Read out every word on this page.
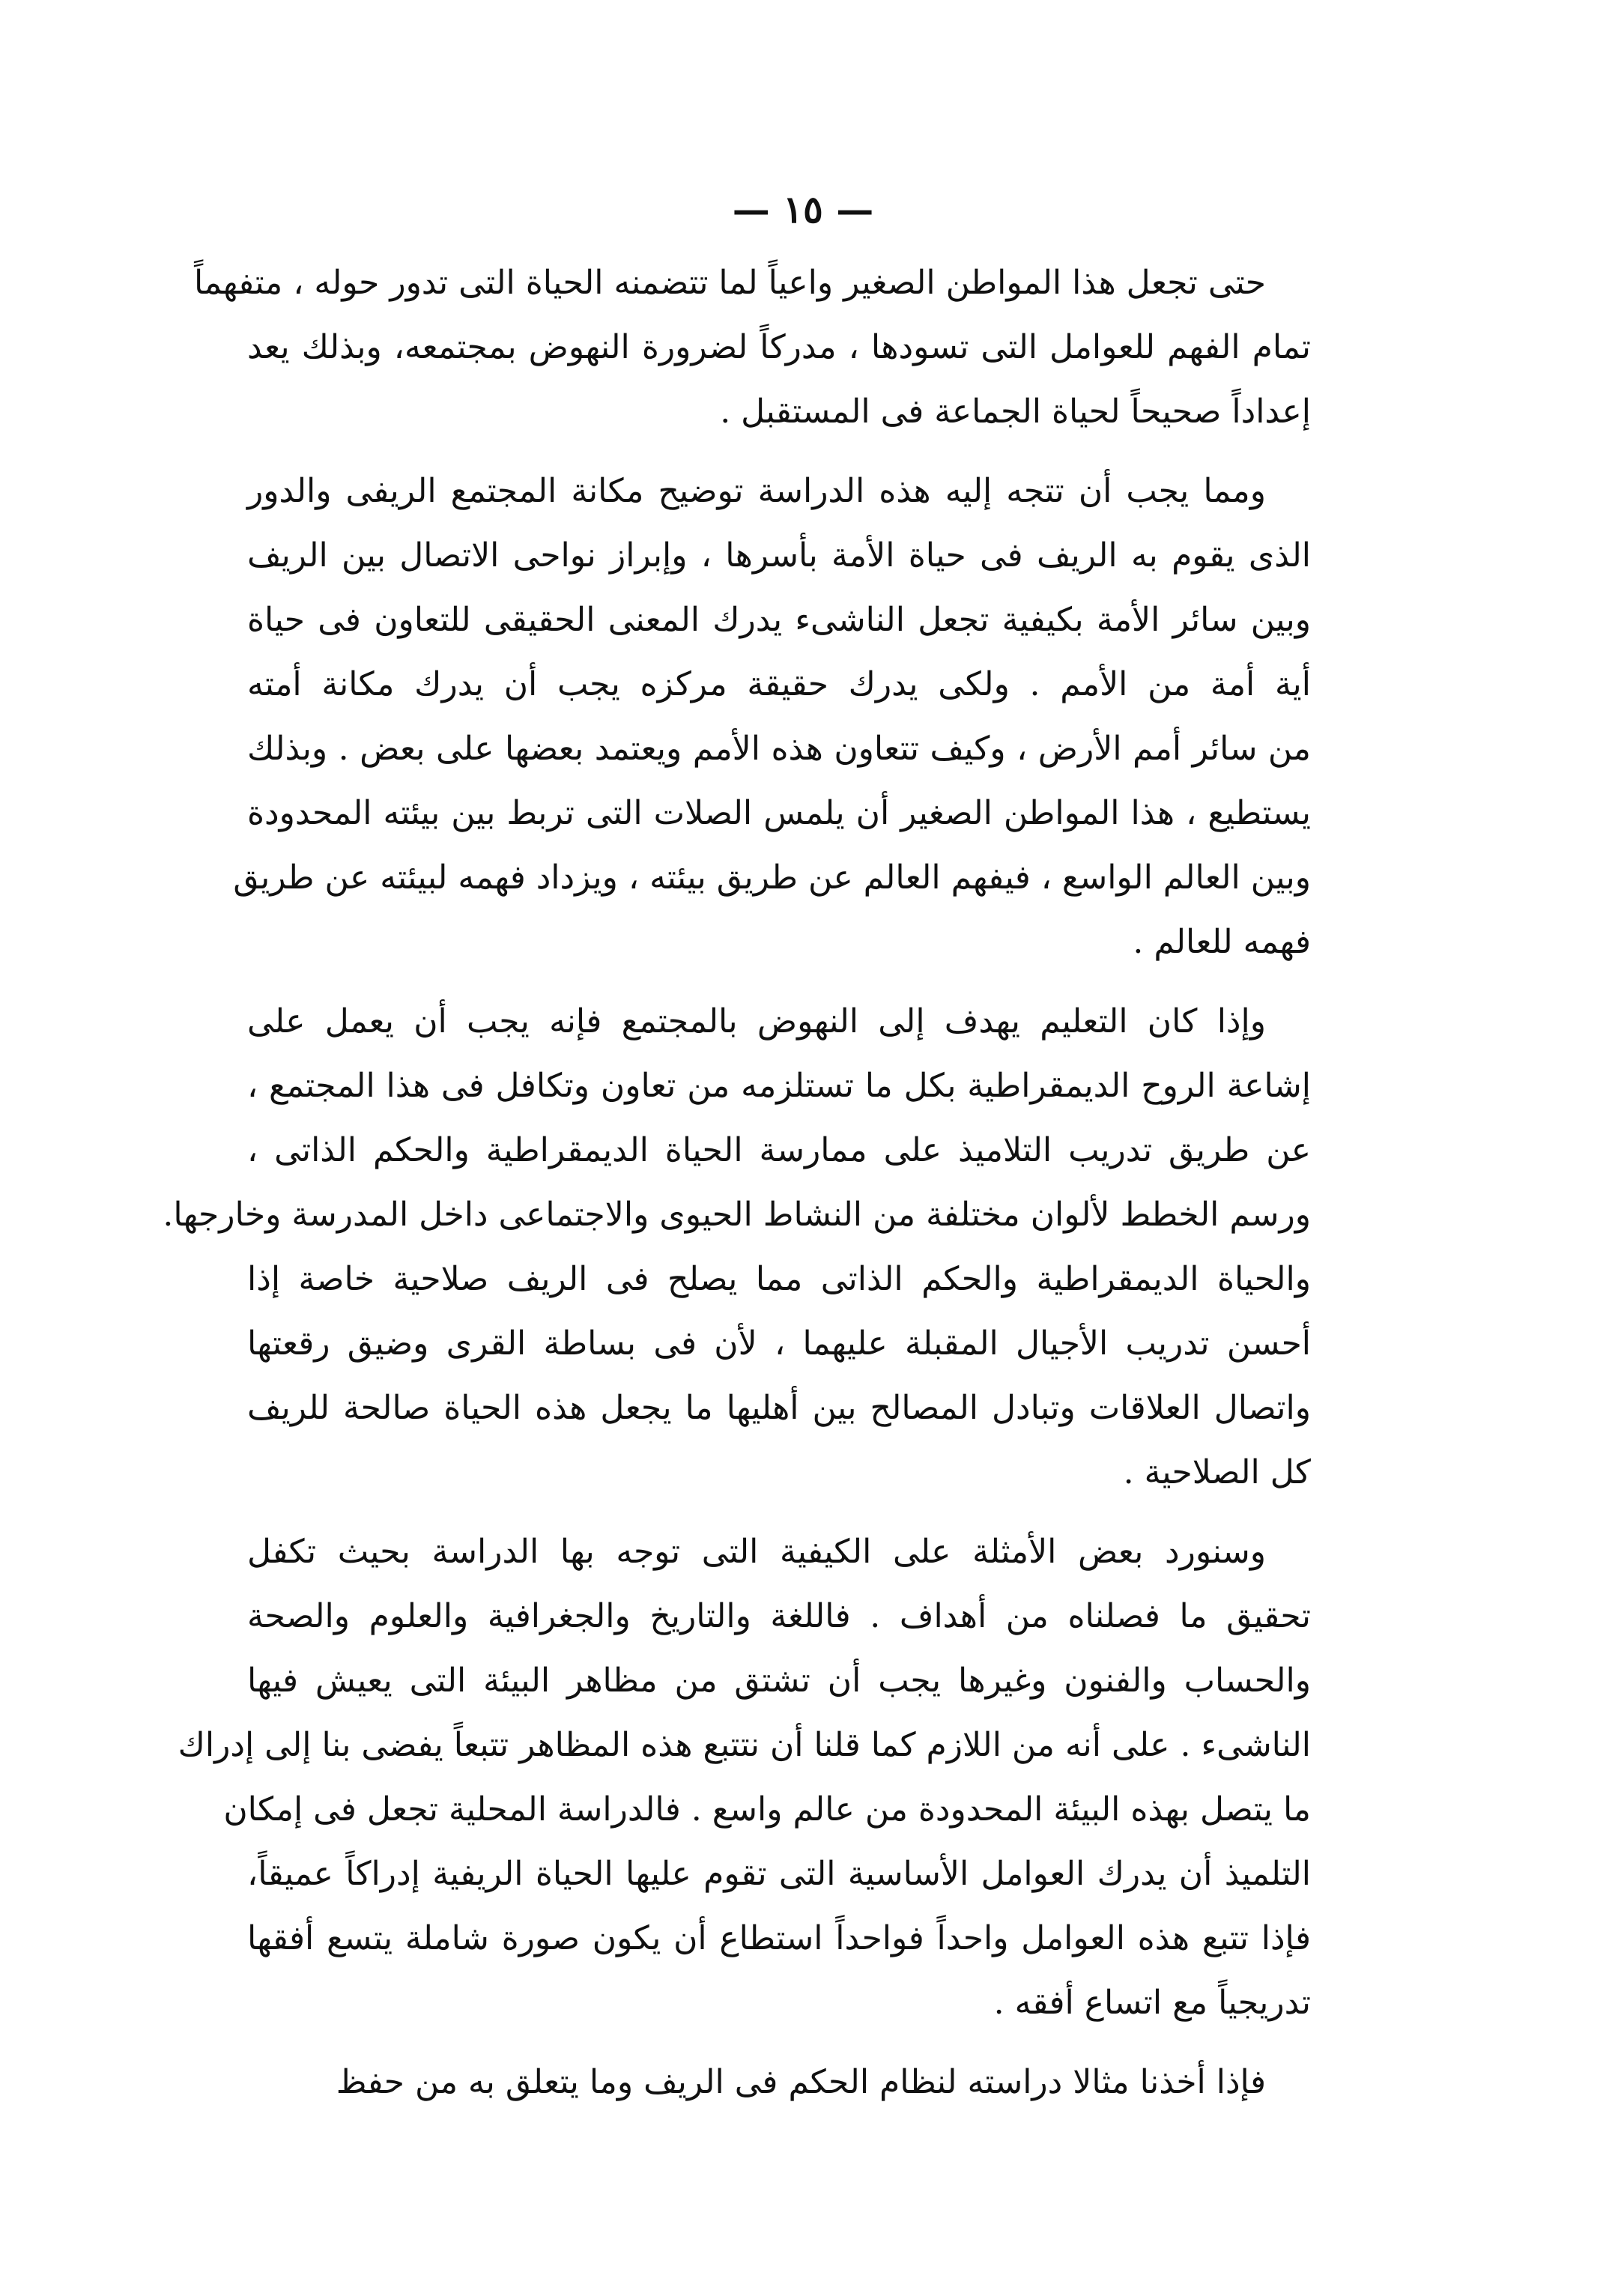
— ١٥ —
حتى تجعل هذا المواطن الصغير واعياً لما تتضمنه الحياة التى تدور حوله ، متفهماً
تمام الفهم للعوامل التى تسودها ، مدركاً لضرورة النهوض بمجتمعه، وبذلك يعد
إعداداً صحيحاً لحياة الجماعة فى المستقبل .
ومما يجب أن تتجه إليه هذه الدراسة توضيح مكانة المجتمع الريفى والدور
الذى يقوم به الريف فى حياة الأمة بأسرها ، وإبراز نواحى الاتصال بين الريف
وبين سائر الأمة بكيفية تجعل الناشىء يدرك المعنى الحقيقى للتعاون فى حياة
أية أمة من الأمم . ولكى يدرك حقيقة مركزه يجب أن يدرك مكانة أمته
من سائر أمم الأرض ، وكيف تتعاون هذه الأمم ويعتمد بعضها على بعض . وبذلك
يستطيع ، هذا المواطن الصغير أن يلمس الصلات التى تربط بين بيئته المحدودة
وبين العالم الواسع ، فيفهم العالم عن طريق بيئته ، ويزداد فهمه لبيئته عن طريق
فهمه للعالم .
وإذا كان التعليم يهدف إلى النهوض بالمجتمع فإنه يجب أن يعمل على
إشاعة الروح الديمقراطية بكل ما تستلزمه من تعاون وتكافل فى هذا المجتمع ،
عن طريق تدريب التلاميذ على ممارسة الحياة الديمقراطية والحكم الذاتى ،
ورسم الخطط لألوان مختلفة من النشاط الحيوى والاجتماعى داخل المدرسة وخارجها.
والحياة الديمقراطية والحكم الذاتى مما يصلح فى الريف صلاحية خاصة إذا
أحسن تدريب الأجيال المقبلة عليهما ، لأن فى بساطة القرى وضيق رقعتها
واتصال العلاقات وتبادل المصالح بين أهليها ما يجعل هذه الحياة صالحة للريف
كل الصلاحية .
وسنورد بعض الأمثلة على الكيفية التى توجه بها الدراسة بحيث تكفل
تحقيق ما فصلناه من أهداف . فاللغة والتاريخ والجغرافية والعلوم والصحة
والحساب والفنون وغيرها يجب أن تشتق من مظاهر البيئة التى يعيش فيها
الناشىء . على أنه من اللازم كما قلنا أن نتتبع هذه المظاهر تتبعاً يفضى بنا إلى إدراك
ما يتصل بهذه البيئة المحدودة من عالم واسع . فالدراسة المحلية تجعل فى إمكان
التلميذ أن يدرك العوامل الأساسية التى تقوم عليها الحياة الريفية إدراكاً عميقاً،
فإذا تتبع هذه العوامل واحداً فواحداً استطاع أن يكون صورة شاملة يتسع أفقها
تدريجياً مع اتساع أفقه .
فإذا أخذنا مثالا دراسته لنظام الحكم فى الريف وما يتعلق به من حفظ
